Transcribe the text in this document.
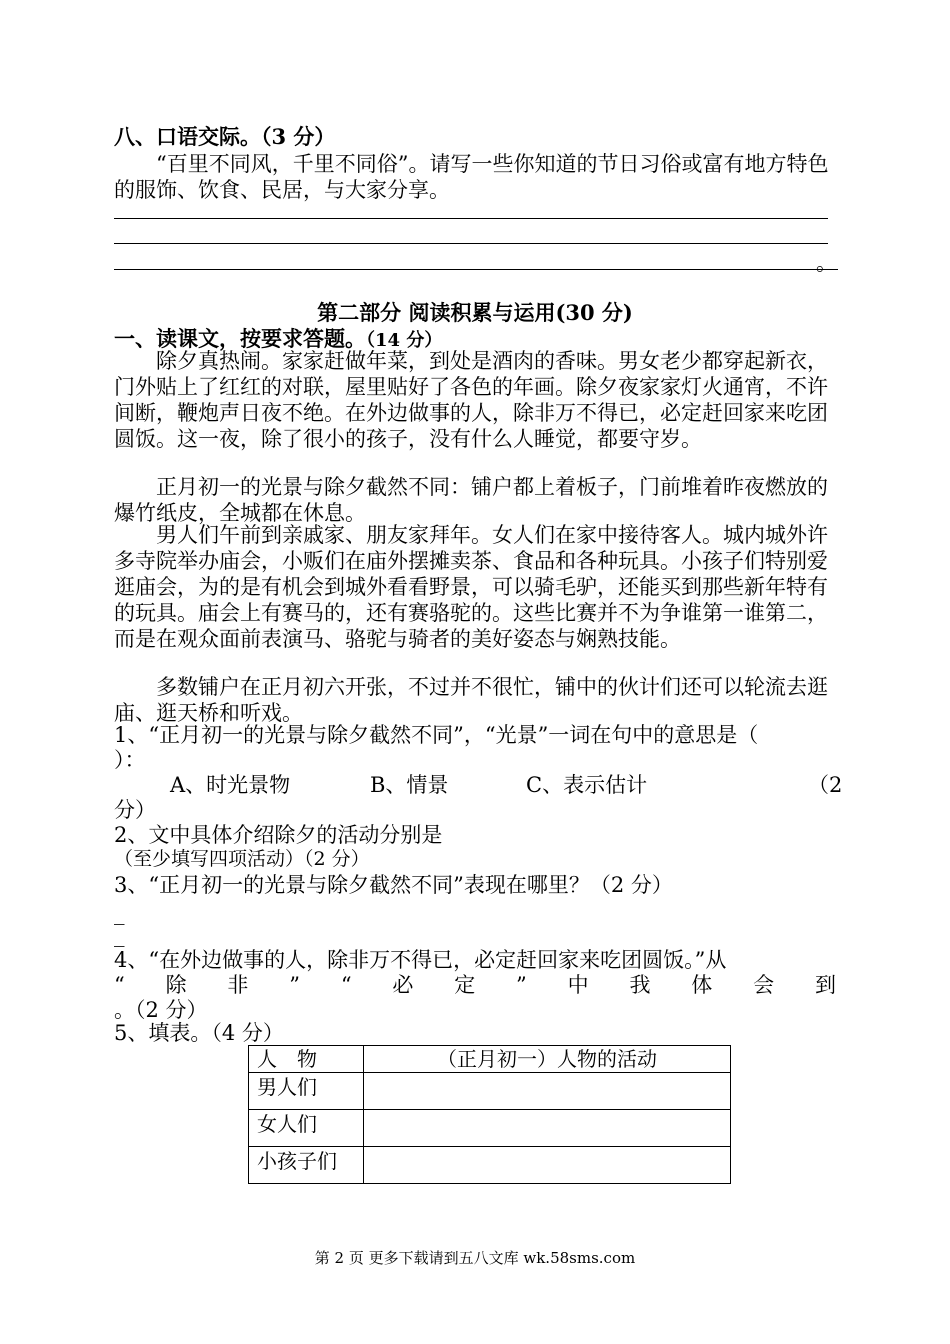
八、口语交际。（3 分）
“百里不同风，千里不同俗”。请写一些你知道的节日习俗或富有地方特色的服饰、饮食、民居，与大家分享。
。
第二部分 阅读积累与运用(30 分)
一、读课文，按要求答题。（14 分）
除夕真热闹。家家赶做年菜，到处是酒肉的香味。男女老少都穿起新衣，门外贴上了红红的对联，屋里贴好了各色的年画。除夕夜家家灯火通宵，不许间断，鞭炮声日夜不绝。在外边做事的人，除非万不得已，必定赶回家来吃团圆饭。这一夜，除了很小的孩子，没有什么人睡觉，都要守岁。
正月初一的光景与除夕截然不同：铺户都上着板子，门前堆着昨夜燃放的爆竹纸皮，全城都在休息。
男人们午前到亲戚家、朋友家拜年。女人们在家中接待客人。城内城外许多寺院举办庙会，小贩们在庙外摆摊卖茶、食品和各种玩具。小孩子们特别爱逛庙会，为的是有机会到城外看看野景，可以骑毛驴，还能买到那些新年特有的玩具。庙会上有赛马的，还有赛骆驼的。这些比赛并不为争谁第一谁第二，而是在观众面前表演马、骆驼与骑者的美好姿态与娴熟技能。
多数铺户在正月初六开张，不过并不很忙，铺中的伙计们还可以轮流去逛庙、逛天桥和听戏。
1、“正月初一的光景与除夕截然不同”，“光景”一词在句中的意思是（
）：
A、时光景物	B、情景	C、表示估计	（2
分）
2、文中具体介绍除夕的活动分别是
（至少填写四项活动）（2 分）
3、“正月初一的光景与除夕截然不同”表现在哪里？（2 分）
_
_
4、“在外边做事的人，除非万不得已，必定赶回家来吃团圆饭。”从
“ 除 非 ” “ 必 定 ” 中 我 体 会 到
。（2 分）
5、填表。（4 分）
人　物	（正月初一）人物的活动
男人们	
女人们	
小孩子们	
第 2 页 更多下载请到五八文库 wk.58sms.com
